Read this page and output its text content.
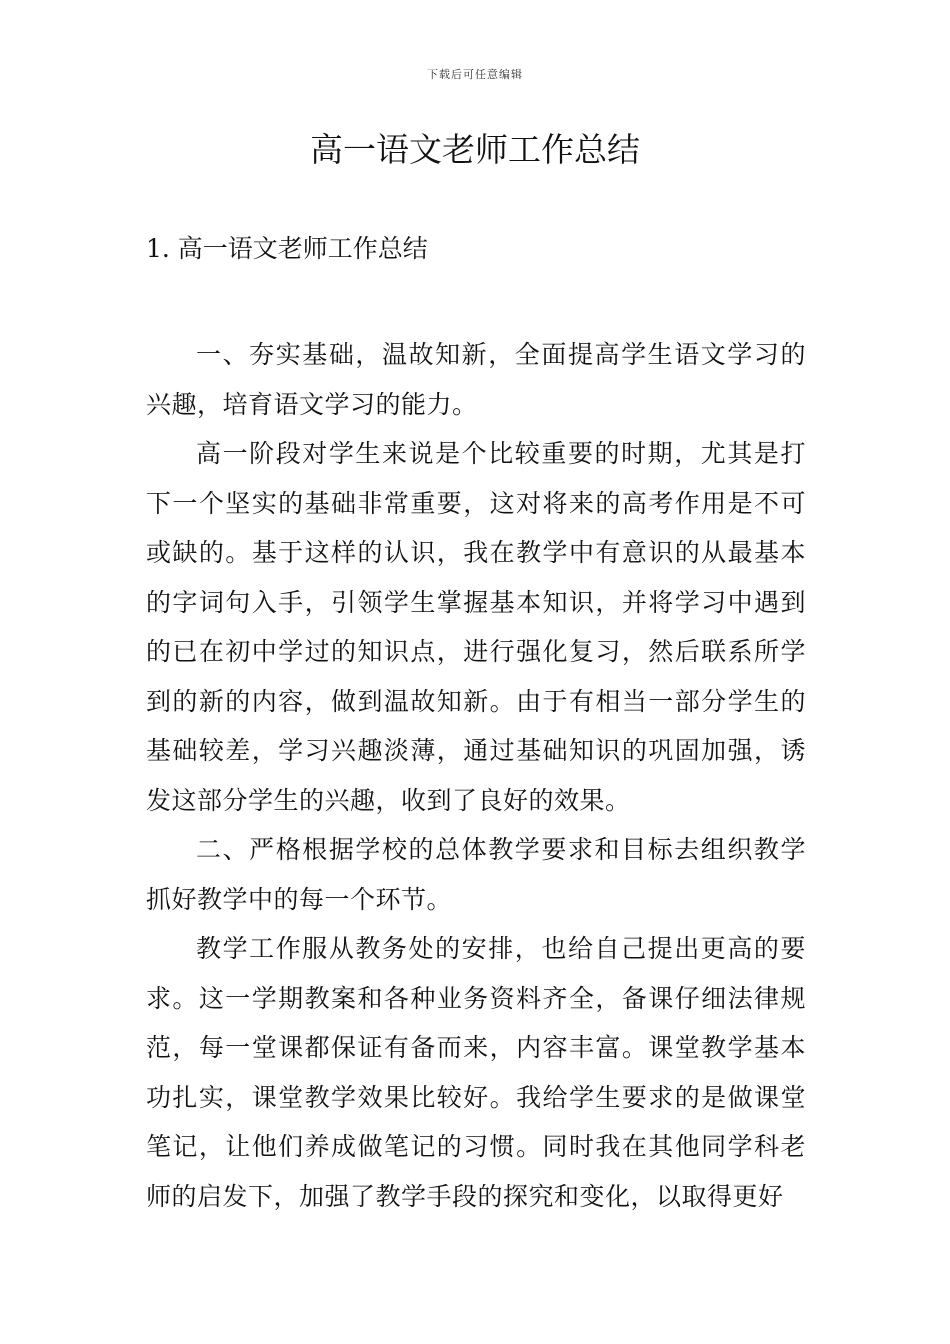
下载后可任意编辑
高一语文老师工作总结
1. 高一语文老师工作总结

一、夯实基础，温故知新，全面提高学生语文学习的兴趣，培育语文学习的能力。

高一阶段对学生来说是个比较重要的时期，尤其是打下一个坚实的基础非常重要，这对将来的高考作用是不可或缺的。基于这样的认识，我在教学中有意识的从最基本的字词句入手，引领学生掌握基本知识，并将学习中遇到的已在初中学过的知识点，进行强化复习，然后联系所学到的新的内容，做到温故知新。由于有相当一部分学生的基础较差，学习兴趣淡薄，通过基础知识的巩固加强，诱发这部分学生的兴趣，收到了良好的效果。

二、严格根据学校的总体教学要求和目标去组织教学抓好教学中的每一个环节。

教学工作服从教务处的安排，也给自己提出更高的要求。这一学期教案和各种业务资料齐全，备课仔细法律规范，每一堂课都保证有备而来，内容丰富。课堂教学基本功扎实，课堂教学效果比较好。我给学生要求的是做课堂笔记，让他们养成做笔记的习惯。同时我在其他同学科老师的启发下，加强了教学手段的探究和变化，以取得更好
